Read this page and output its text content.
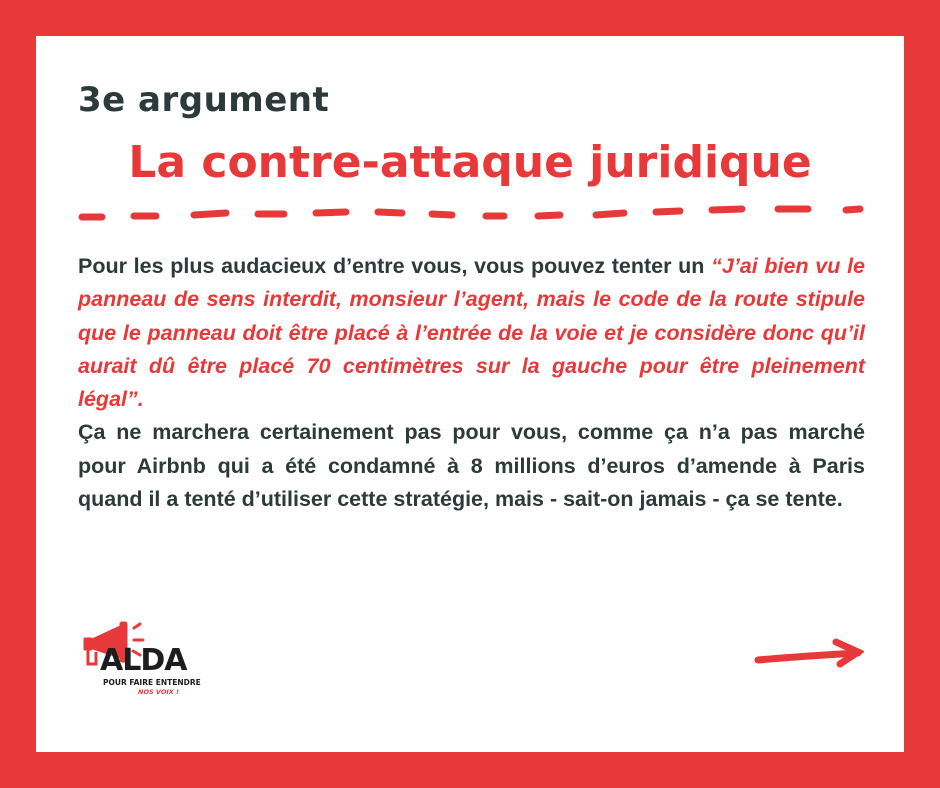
3e argument
La contre-attaque juridique

Pour les plus audacieux d’entre vous, vous pouvez tenter un “J’ai bien vu le panneau de sens interdit, monsieur l’agent, mais le code de la route stipule que le panneau doit être placé à l’entrée de la voie et je considère donc qu’il aurait dû être placé 70 centimètres sur la gauche pour être pleinement légal”.

Ça ne marchera certainement pas pour vous, comme ça n’a pas marché pour Airbnb qui a été condamné à 8 millions d’euros d’amende à Paris quand il a tenté d’utiliser cette stratégie, mais - sait-on jamais - ça se tente.

ALDA
POUR FAIRE ENTENDRE
NOS VOIX !
